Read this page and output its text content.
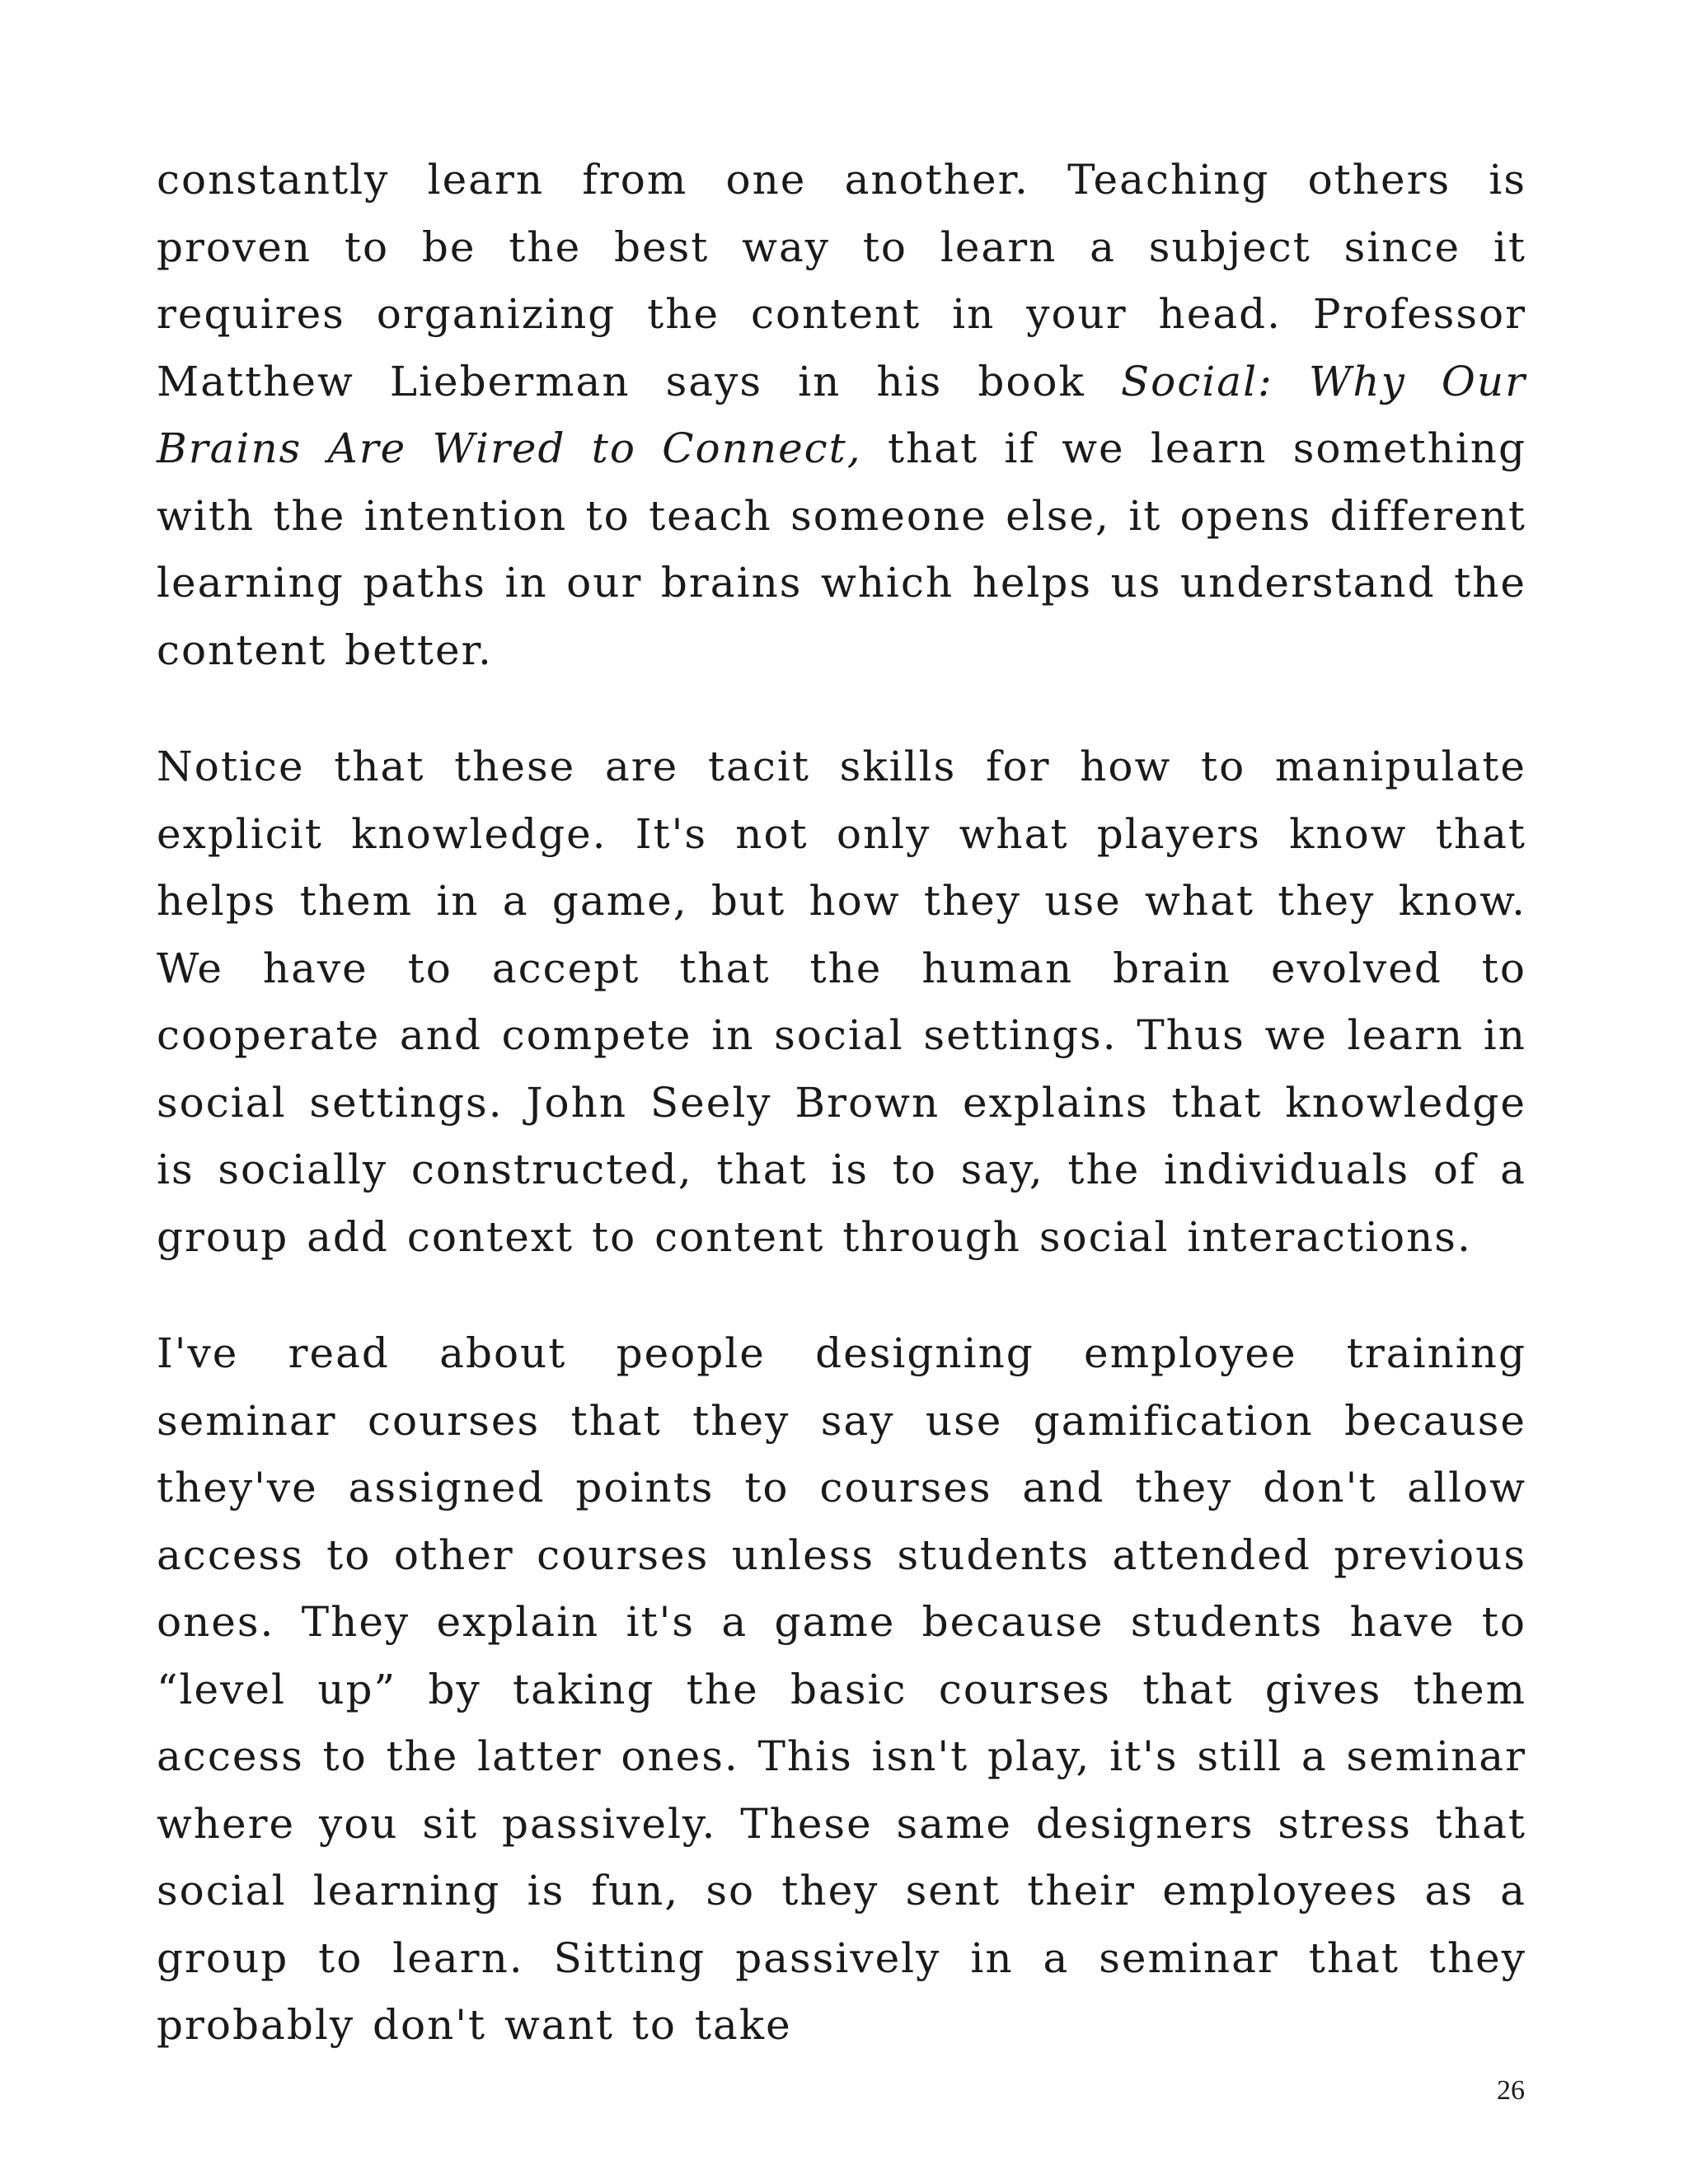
constantly learn from one another. Teaching others is proven to be the best way to learn a subject since it requires organizing the content in your head. Professor Matthew Lieberman says in his book Social: Why Our Brains Are Wired to Connect, that if we learn something with the intention to teach someone else, it opens different learning paths in our brains which helps us understand the content better.

Notice that these are tacit skills for how to manipulate explicit knowledge. It's not only what players know that helps them in a game, but how they use what they know. We have to accept that the human brain evolved to cooperate and compete in social settings. Thus we learn in social settings. John Seely Brown explains that knowledge is socially constructed, that is to say, the individuals of a group add context to content through social interactions.

I've read about people designing employee training seminar courses that they say use gamification because they've assigned points to courses and they don't allow access to other courses unless students attended previous ones. They explain it's a game because students have to “level up” by taking the basic courses that gives them access to the latter ones. This isn't play, it's still a seminar where you sit passively. These same designers stress that social learning is fun, so they sent their employees as a group to learn. Sitting passively in a seminar that they probably don't want to take

26
